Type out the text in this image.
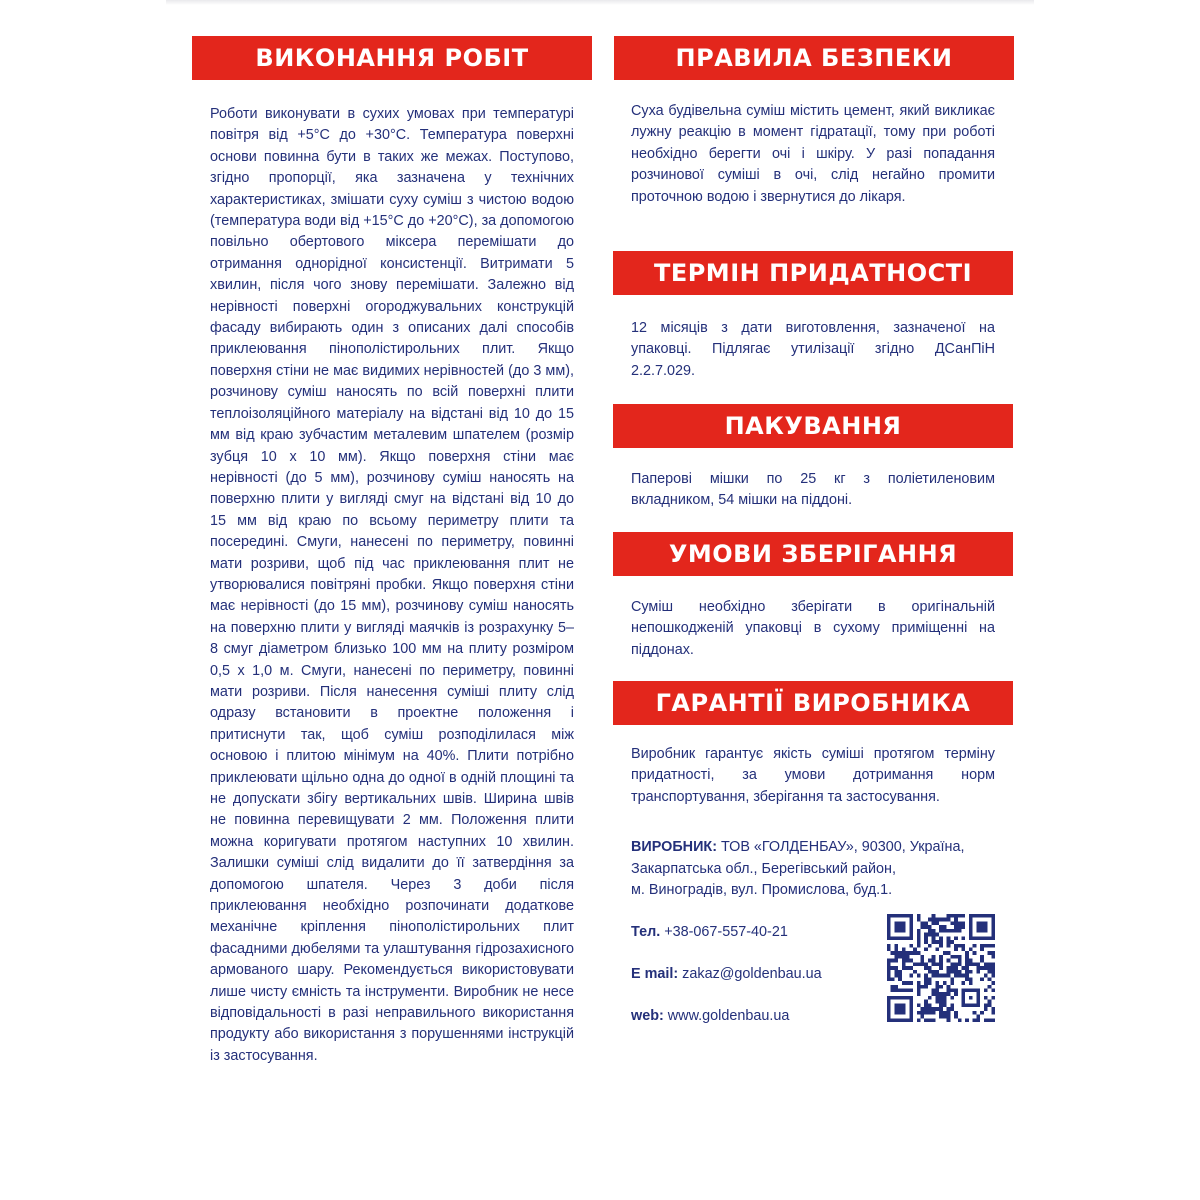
ВИКОНАННЯ РОБІТ
Роботи виконувати в сухих умовах при температурі повітря від +5°С до +30°С. Температура поверхні основи повинна бути в таких же межах. Поступово, згідно пропорції, яка зазначена у технічних характеристиках, змішати суху суміш з чистою водою (температура води від +15°С до +20°С), за допомогою повільно обертового міксера перемішати до отримання однорідної консистенції. Витримати 5 хвилин, після чого знову перемішати. Залежно від нерівності поверхні огороджувальних конструкцій фасаду вибирають один з описаних далі способів приклеювання пінополістирольних плит. Якщо поверхня стіни не має видимих нерівностей (до 3 мм), розчинову суміш наносять по всій поверхні плити теплоізоляційного матеріалу на відстані від 10 до 15 мм від краю зубчастим металевим шпателем (розмір зубця 10 х 10 мм). Якщо поверхня стіни має нерівності (до 5 мм), розчинову суміш наносять на поверхню плити у вигляді смуг на відстані від 10 до 15 мм від краю по всьому периметру плити та посередині. Смуги, нанесені по периметру, повинні мати розриви, щоб під час приклеювання плит не утворювалися повітряні пробки. Якщо поверхня стіни має нерівності (до 15 мм), розчинову суміш наносять на поверхню плити у вигляді маячків із розрахунку 5–8 смуг діаметром близько 100 мм на плиту розміром 0,5 х 1,0 м. Смуги, нанесені по периметру, повинні мати розриви. Після нанесення суміші плиту слід одразу встановити в проектне положення і притиснути так, щоб суміш розподілилася між основою і плитою мінімум на 40%. Плити потрібно приклеювати щільно одна до одної в одній площині та не допускати збігу вертикальних швів. Ширина швів не повинна перевищувати 2 мм. Положення плити можна коригувати протягом наступних 10 хвилин. Залишки суміші слід видалити до її затвердіння за допомогою шпателя. Через 3 доби після приклеювання необхідно розпочинати додаткове механічне кріплення пінополістирольних плит фасадними дюбелями та улаштування гідрозахисного армованого шару. Рекомендується використовувати лише чисту ємність та інструменти. Виробник не несе відповідальності в разі неправильного використання продукту або використання з порушеннями інструкцій із застосування.
ПРАВИЛА БЕЗПЕКИ
Суха будівельна суміш містить цемент, який викликає лужну реакцію в момент гідратації, тому при роботі необхідно берегти очі і шкіру. У разі попадання розчинової суміші в очі, слід негайно промити проточною водою і звернутися до лікаря.
ТЕРМІН ПРИДАТНОСТІ
12 місяців з дати виготовлення, зазначеної на упаковці. Підлягає утилізації згідно ДСанПіН 2.2.7.029.
ПАКУВАННЯ
Паперові мішки по 25 кг з поліетиленовим вкладником, 54 мішки на піддоні.
УМОВИ ЗБЕРІГАННЯ
Суміш необхідно зберігати в оригінальній непошкодженій упаковці в сухому приміщенні на піддонах.
ГАРАНТІЇ ВИРОБНИКА
Виробник гарантує якість суміші протягом терміну придатності, за умови дотримання норм транспортування, зберігання та застосування.
ВИРОБНИК: ТОВ «ГОЛДЕНБАУ», 90300, Україна,
Закарпатська обл., Берегівський район,
м. Виноградів, вул. Промислова, буд.1.
Тел. +38-067-557-40-21
E mail: zakaz@goldenbau.ua
web: www.goldenbau.ua
